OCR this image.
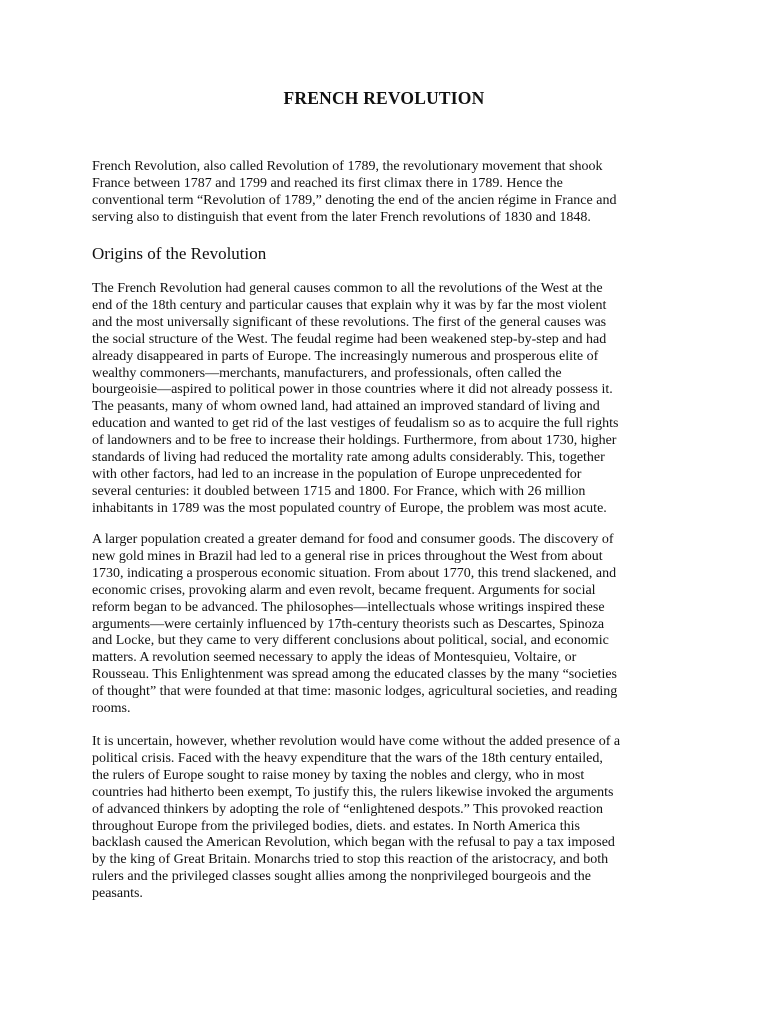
FRENCH REVOLUTION

French Revolution, also called Revolution of 1789, the revolutionary movement that shook
France between 1787 and 1799 and reached its first climax there in 1789. Hence the
conventional term “Revolution of 1789,” denoting the end of the ancien régime in France and
serving also to distinguish that event from the later French revolutions of 1830 and 1848.

Origins of the Revolution

The French Revolution had general causes common to all the revolutions of the West at the
end of the 18th century and particular causes that explain why it was by far the most violent
and the most universally significant of these revolutions. The first of the general causes was
the social structure of the West. The feudal regime had been weakened step-by-step and had
already disappeared in parts of Europe. The increasingly numerous and prosperous elite of
wealthy commoners—merchants, manufacturers, and professionals, often called the
bourgeoisie—aspired to political power in those countries where it did not already possess it.
The peasants, many of whom owned land, had attained an improved standard of living and
education and wanted to get rid of the last vestiges of feudalism so as to acquire the full rights
of landowners and to be free to increase their holdings. Furthermore, from about 1730, higher
standards of living had reduced the mortality rate among adults considerably. This, together
with other factors, had led to an increase in the population of Europe unprecedented for
several centuries: it doubled between 1715 and 1800. For France, which with 26 million
inhabitants in 1789 was the most populated country of Europe, the problem was most acute.

A larger population created a greater demand for food and consumer goods. The discovery of
new gold mines in Brazil had led to a general rise in prices throughout the West from about
1730, indicating a prosperous economic situation. From about 1770, this trend slackened, and
economic crises, provoking alarm and even revolt, became frequent. Arguments for social
reform began to be advanced. The philosophes—intellectuals whose writings inspired these
arguments—were certainly influenced by 17th-century theorists such as Descartes, Spinoza
and Locke, but they came to very different conclusions about political, social, and economic
matters. A revolution seemed necessary to apply the ideas of Montesquieu, Voltaire, or
Rousseau. This Enlightenment was spread among the educated classes by the many “societies
of thought” that were founded at that time: masonic lodges, agricultural societies, and reading
rooms.

It is uncertain, however, whether revolution would have come without the added presence of a
political crisis. Faced with the heavy expenditure that the wars of the 18th century entailed,
the rulers of Europe sought to raise money by taxing the nobles and clergy, who in most
countries had hitherto been exempt, To justify this, the rulers likewise invoked the arguments
of advanced thinkers by adopting the role of “enlightened despots.” This provoked reaction
throughout Europe from the privileged bodies, diets. and estates. In North America this
backlash caused the American Revolution, which began with the refusal to pay a tax imposed
by the king of Great Britain. Monarchs tried to stop this reaction of the aristocracy, and both
rulers and the privileged classes sought allies among the nonprivileged bourgeois and the
peasants.
